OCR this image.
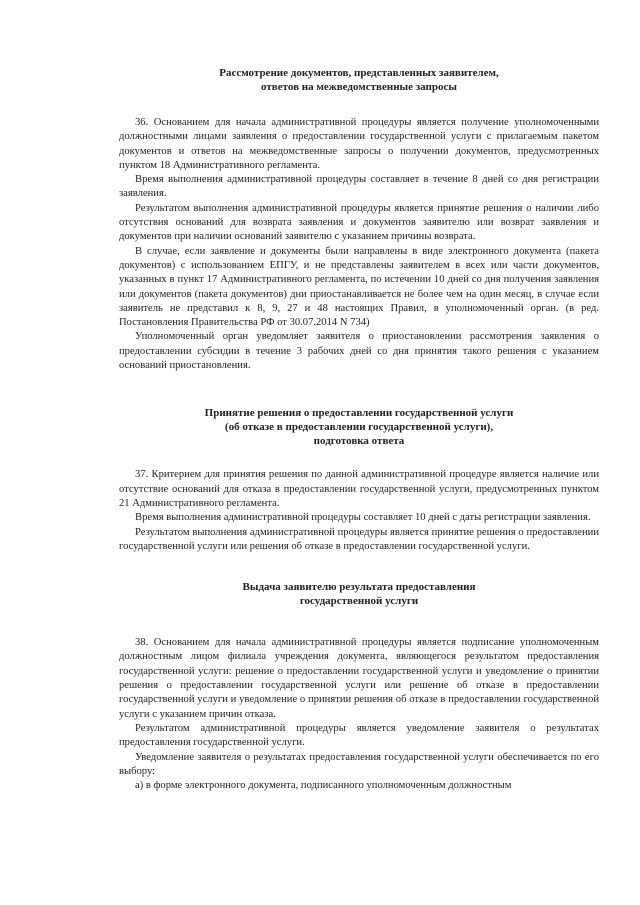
Рассмотрение документов, представленных заявителем,
ответов на межведомственные запросы

36. Основанием для начала административной процедуры является получение уполномоченными должностными лицами заявления о предоставлении государственной услуги с прилагаемым пакетом документов и ответов на межведомственные запросы о получении документов, предусмотренных пунктом 18 Административного регламента.

Время выполнения административной процедуры составляет в течение 8 дней со дня регистрации заявления.

Результатом выполнения административной процедуры является принятие решения о наличии либо отсутствия оснований для возврата заявления и документов заявителю или возврат заявления и документов при наличии оснований заявителю с указанием причины возврата.

В случае, если заявление и документы были направлены в виде электронного документа (пакета документов) с использованием ЕПГУ, и не представлены заявителем в всех или части документов, указанных в пункт 17 Административного регламента, по истечении 10 дней со дня получения заявления или документов (пакета документов) дни приостанавливается не более чем на один месяц, в случае если заявитель не представил к 8, 9, 27 и 48 настоящих Правил, в уполномоченный орган. (в ред. Постановления Правительства РФ от 30.07.2014 N 734)

Уполномоченный орган уведомляет заявителя о приостановлении рассмотрения заявления о предоставлении субсидии в течение 3 рабочих дней со дня принятия такого решения с указанием оснований приостановления.

Принятие решения о предоставлении государственной услуги
(об отказе в предоставлении государственной услуги),
подготовка ответа

37. Критерием для принятия решения по данной административной процедуре является наличие или отсутствие оснований для отказа в предоставлении государственной услуги, предусмотренных пунктом 21 Административного регламента.

Время выполнения административной процедуры составляет 10 дней с даты регистрации заявления.

Результатом выполнения административной процедуры является принятие решения о предоставлении государственной услуги или решения об отказе в предоставлении государственной услуги.

Выдача заявителю результата предоставления
государственной услуги

38. Основанием для начала административной процедуры является подписание уполномоченным должностным лицом филиала учреждения документа, являющегося результатом предоставления государственной услуги: решение о предоставлении государственной услуги и уведомление о принятии решения о предоставлении государственной услуги или решение об отказе в предоставлении государственной услуги и уведомление о принятии решения об отказе в предоставлении государственной услуги с указанием причин отказа.

Результатом административной процедуры является уведомление заявителя о результатах предоставления государственной услуги.

Уведомление заявителя о результатах предоставления государственной услуги обеспечивается по его выбору:

а) в форме электронного документа, подписанного уполномоченным должностным
